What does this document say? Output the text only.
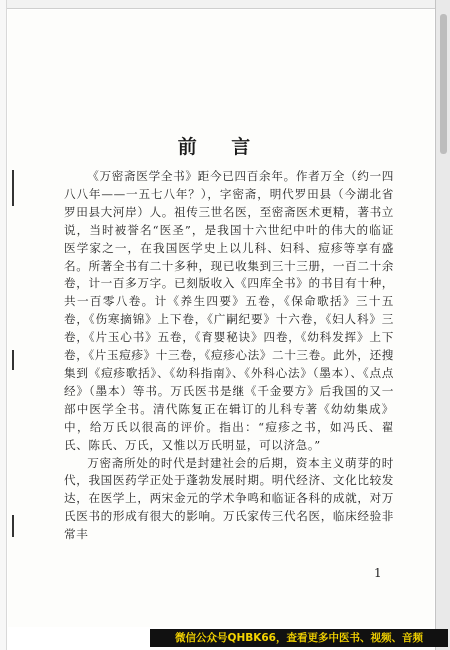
前 言

《万密斋医学全书》距今已四百余年。作者万全（约一四八八年——一五七八年？），字密斋，明代罗田县（今湖北省罗田县大河岸）人。祖传三世名医，至密斋医术更精，著书立说，当时被誉名“医圣”，是我国十六世纪中叶的伟大的临证医学家之一，在我国医学史上以儿科、妇科、痘疹等享有盛名。所著全书有二十多种，现已收集到三十三册，一百二十余卷，计一百多万字。已刻版收入《四库全书》的书目有十种，共一百零八卷。计《养生四要》五卷，《保命歌括》三十五卷，《伤寒摘锦》上下卷，《广嗣纪要》十六卷，《妇人科》三卷，《片玉心书》五卷，《育婴秘诀》四卷，《幼科发挥》上下卷，《片玉痘疹》十三卷，《痘疹心法》二十三卷。此外，还搜集到《痘疹歌括》、《幼科指南》、《外科心法》（墨本）、《点点经》（墨本）等书。万氏医书是继《千金要方》后我国的又一部中医学全书。清代陈复正在辑订的儿科专著《幼幼集成》中，给万氏以很高的评价。指出：“痘疹之书，如冯氏、翟氏、陈氏、万氏，又惟以万氏明显，可以济急。”

万密斋所处的时代是封建社会的后期，资本主义萌芽的时代，我国医药学正处于蓬勃发展时期。明代经济、文化比较发达，在医学上，两宋金元的学术争鸣和临证各科的成就，对万氏医书的形成有很大的影响。万氏家传三代名医，临床经验非常丰

1
微信公众号QHBK66，查看更多中医书、视频、音频
